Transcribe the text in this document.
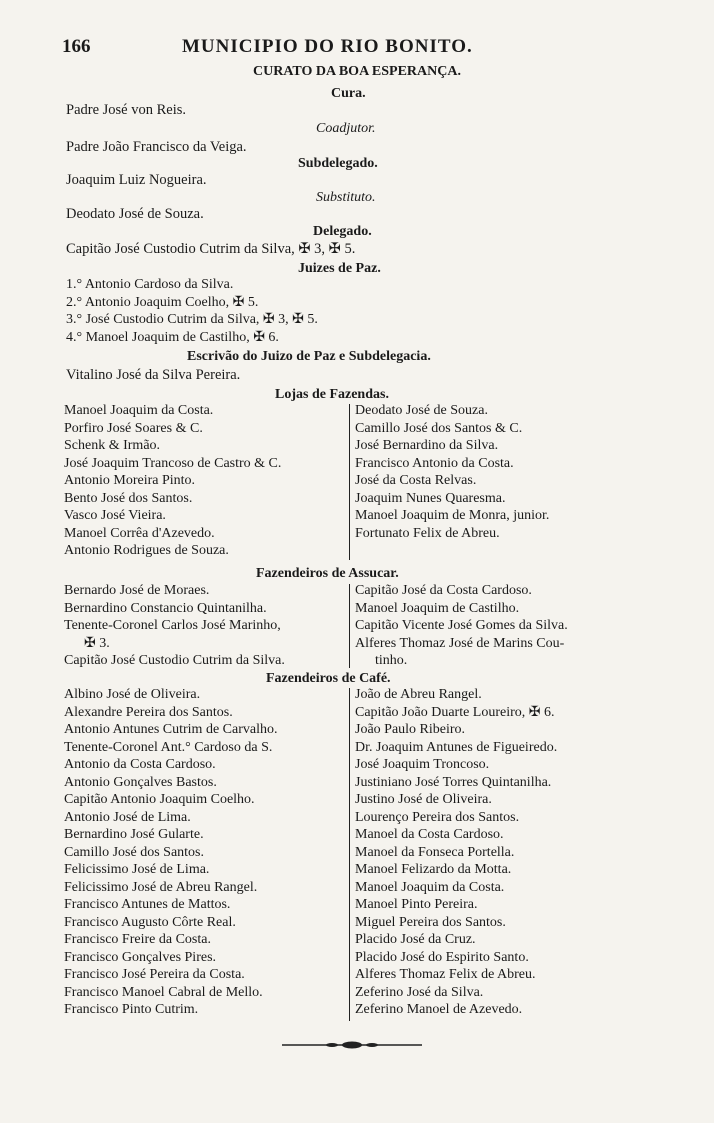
166	MUNICIPIO DO RIO BONITO.
CURATO DA BOA ESPERANÇA.
Cura.
Padre José von Reis.
Coadjutor.
Padre João Francisco da Veiga.
Subdelegado.
Joaquim Luiz Nogueira.
Substituto.
Deodato José de Souza.
Delegado.
Capitão José Custodio Cutrim da Silva, ✠ 3, ✠ 5.
Juizes de Paz.
1.° Antonio Cardoso da Silva.
2.° Antonio Joaquim Coelho, ✠ 5.
3.° José Custodio Cutrim da Silva, ✠ 3, ✠ 5.
4.° Manoel Joaquim de Castilho, ✠ 6.
Escrivão do Juizo de Paz e Subdelegacia.
Vitalino José da Silva Pereira.
Lojas de Fazendas.
Manoel Joaquim da Costa.
Porfiro José Soares & C.
Schenk & Irmão.
José Joaquim Trancoso de Castro & C.
Antonio Moreira Pinto.
Bento José dos Santos.
Vasco José Vieira.
Manoel Corrêa d'Azevedo.
Antonio Rodrigues de Souza.
Deodato José de Souza.
Camillo José dos Santos & C.
José Bernardino da Silva.
Francisco Antonio da Costa.
José da Costa Relvas.
Joaquim Nunes Quaresma.
Manoel Joaquim de Monra, junior.
Fortunato Felix de Abreu.
Fazendeiros de Assucar.
Bernardo José de Moraes.
Bernardino Constancio Quintanilha.
Tenente-Coronel Carlos José Marinho,
✠ 3.
Capitão José Custodio Cutrim da Silva.
Capitão José da Costa Cardoso.
Manoel Joaquim de Castilho.
Capitão Vicente José Gomes da Silva.
Alferes Thomaz José de Marins Cou-
tinho.
Fazendeiros de Café.
Albino José de Oliveira.
Alexandre Pereira dos Santos.
Antonio Antunes Cutrim de Carvalho.
Tenente-Coronel Ant.° Cardoso da S.
Antonio da Costa Cardoso.
Antonio Gonçalves Bastos.
Capitão Antonio Joaquim Coelho.
Antonio José de Lima.
Bernardino José Gularte.
Camillo José dos Santos.
Felicissimo José de Lima.
Felicissimo José de Abreu Rangel.
Francisco Antunes de Mattos.
Francisco Augusto Côrte Real.
Francisco Freire da Costa.
Francisco Gonçalves Pires.
Francisco José Pereira da Costa.
Francisco Manoel Cabral de Mello.
Francisco Pinto Cutrim.
João de Abreu Rangel.
Capitão João Duarte Loureiro, ✠ 6.
João Paulo Ribeiro.
Dr. Joaquim Antunes de Figueiredo.
José Joaquim Troncoso.
Justiniano José Torres Quintanilha.
Justino José de Oliveira.
Lourenço Pereira dos Santos.
Manoel da Costa Cardoso.
Manoel da Fonseca Portella.
Manoel Felizardo da Motta.
Manoel Joaquim da Costa.
Manoel Pinto Pereira.
Miguel Pereira dos Santos.
Placido José da Cruz.
Placido José do Espirito Santo.
Alferes Thomaz Felix de Abreu.
Zeferino José da Silva.
Zeferino Manoel de Azevedo.
